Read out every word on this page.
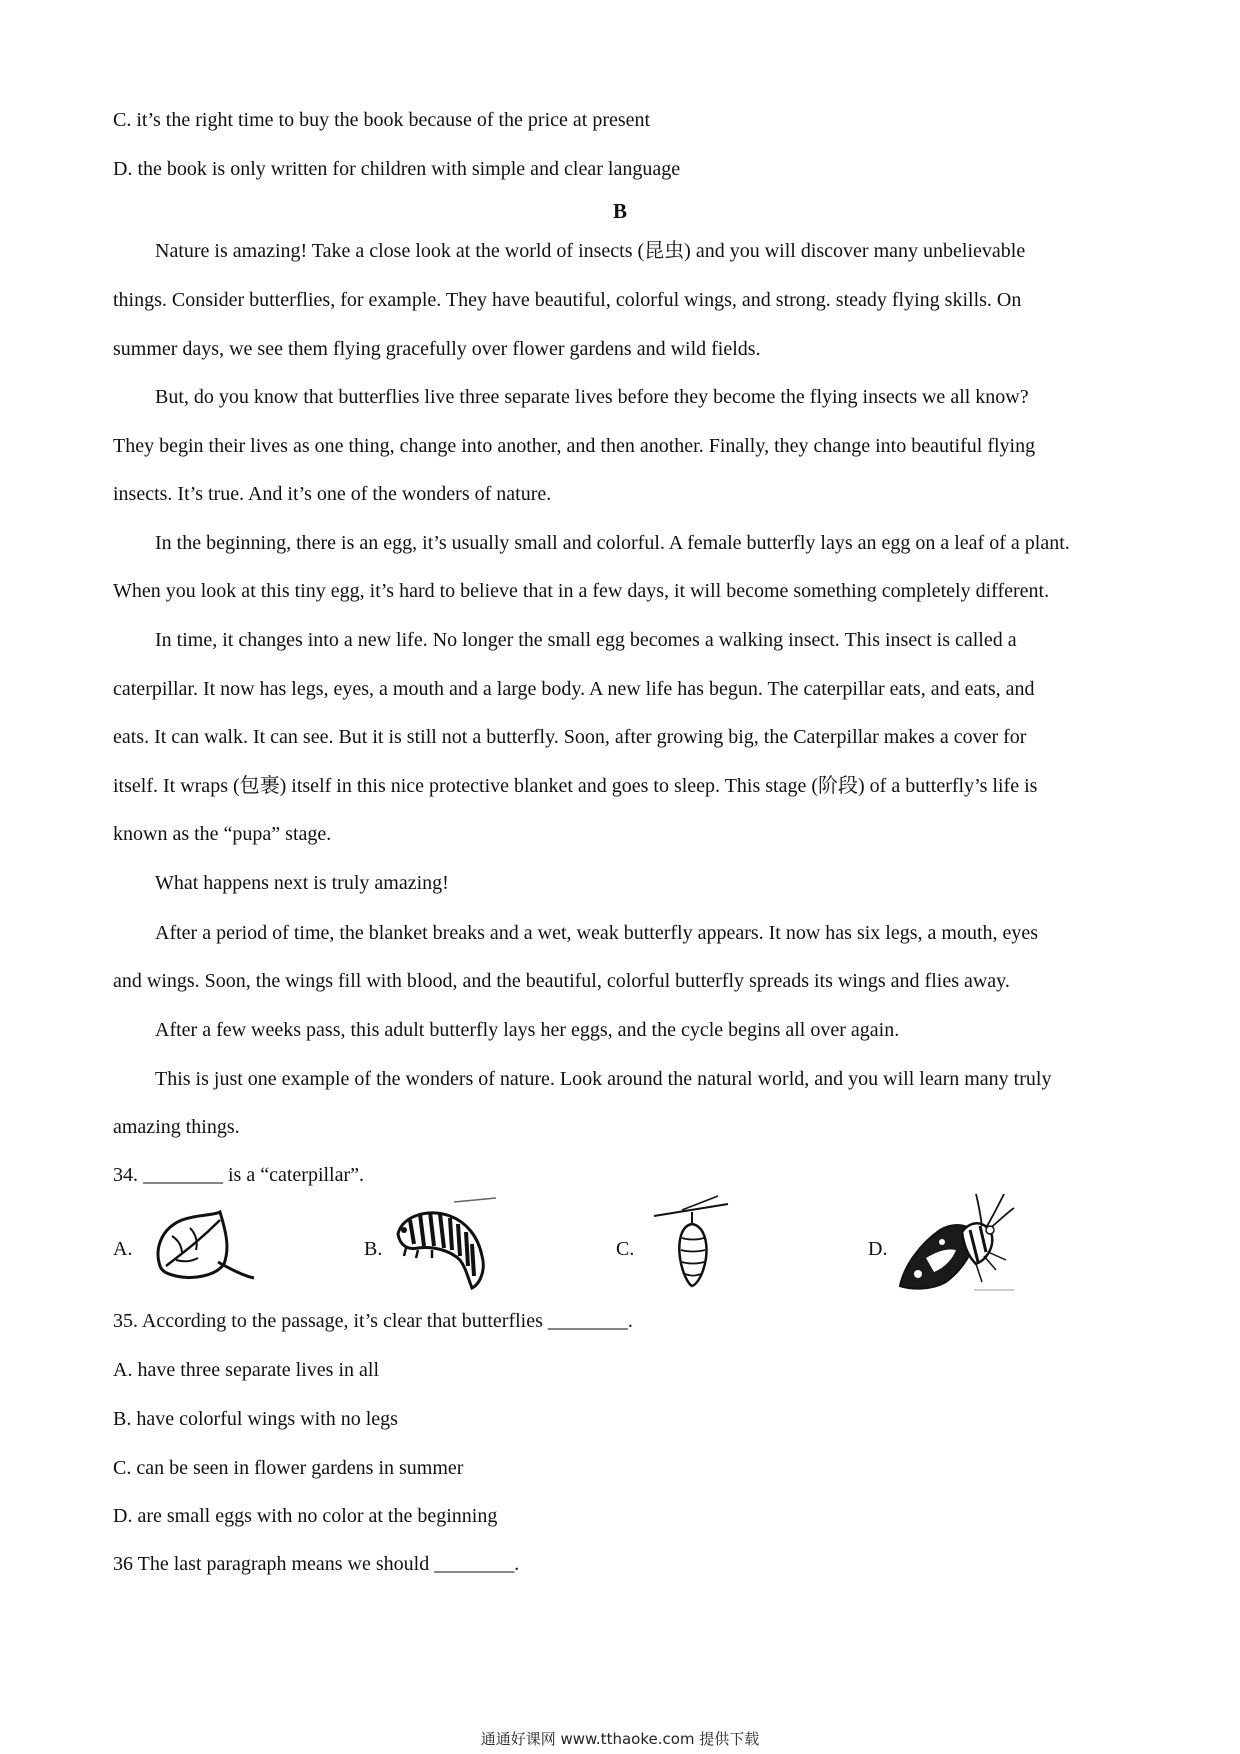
C. it’s the right time to buy the book because of the price at present

D. the book is only written for children with simple and clear language

B

Nature is amazing! Take a close look at the world of insects (昆虫) and you will discover many unbelievable

things. Consider butterflies, for example. They have beautiful, colorful wings, and strong. steady flying skills. On

summer days, we see them flying gracefully over flower gardens and wild fields.

But, do you know that butterflies live three separate lives before they become the flying insects we all know?

They begin their lives as one thing, change into another, and then another. Finally, they change into beautiful flying

insects. It’s true. And it’s one of the wonders of nature.

In the beginning, there is an egg, it’s usually small and colorful. A female butterfly lays an egg on a leaf of a plant.

When you look at this tiny egg, it’s hard to believe that in a few days, it will become something completely different.

In time, it changes into a new life. No longer the small egg becomes a walking insect. This insect is called a

caterpillar. It now has legs, eyes, a mouth and a large body. A new life has begun. The caterpillar eats, and eats, and

eats. It can walk. It can see. But it is still not a butterfly. Soon, after growing big, the Caterpillar makes a cover for

itself. It wraps (包裹) itself in this nice protective blanket and goes to sleep. This stage (阶段) of a butterfly’s life is

known as the “pupa” stage.

What happens next is truly amazing!

After a period of time, the blanket breaks and a wet, weak butterfly appears. It now has six legs, a mouth, eyes

and wings. Soon, the wings fill with blood, and the beautiful, colorful butterfly spreads its wings and flies away.

After a few weeks pass, this adult butterfly lays her eggs, and the cycle begins all over again.

This is just one example of the wonders of nature. Look around the natural world, and you will learn many truly

amazing things.

34. ________ is a “caterpillar”.

A.	B.	C.	D.

35. According to the passage, it’s clear that butterflies ________.

A. have three separate lives in all

B. have colorful wings with no legs

C. can be seen in flower gardens in summer

D. are small eggs with no color at the beginning

36 The last paragraph means we should ________.

通通好课网 www.tthaoke.com 提供下载
